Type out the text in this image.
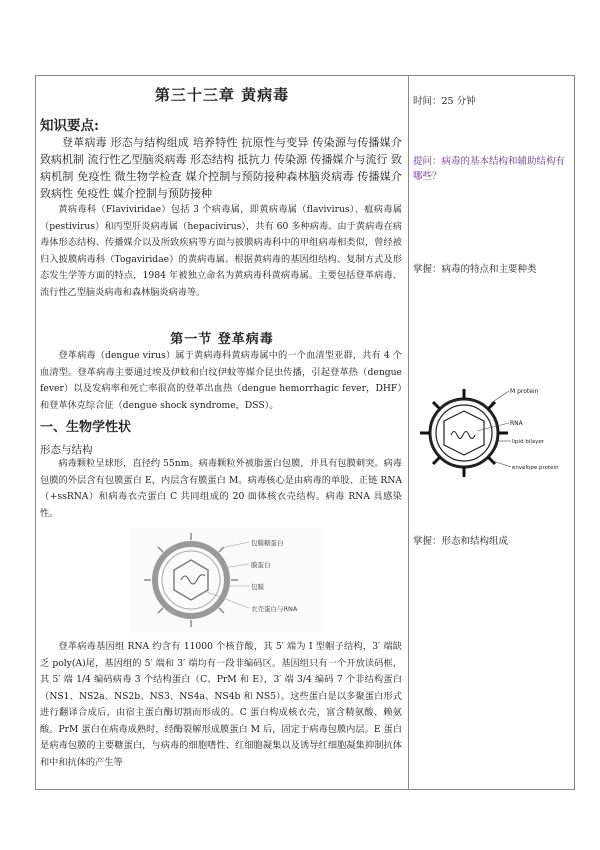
第三十三章 黄病毒
知识要点:

登革病毒 形态与结构组成 培养特性 抗原性与变异 传染源与传播媒介 致病机制 流行性乙型脑炎病毒 形态结构 抵抗力 传染源 传播媒介与流行 致病机制 免疫性 微生物学检查 媒介控制与预防接种森林脑炎病毒 传播媒介 致病性 免疫性 媒介控制与预防接种

黄病毒科（Flaviviridae）包括 3 个病毒属，即黄病毒属（flavivirus）、瘟病毒属（pestivirus）和丙型肝炎病毒属（hepacivirus），共有 60 多种病毒。由于黄病毒在病毒体形态结构、传播媒介以及所致疾病等方面与披膜病毒科中的甲组病毒相类似，曾经被归入披膜病毒科（Togaviridae）的黄病毒属。根据黄病毒的基因组结构、复制方式及形态发生学等方面的特点，1984 年被独立命名为黄病毒科黄病毒属。主要包括登革病毒、流行性乙型脑炎病毒和森林脑炎病毒等。

第一节 登革病毒

登革病毒（dengue virus）属于黄病毒科黄病毒属中的一个血清型亚群，共有 4 个血清型。登革病毒主要通过埃及伊蚊和白纹伊蚊等媒介昆虫传播，引起登革热（dengue fever）以及发病率和死亡率很高的登革出血热（dengue hemorrhagic fever，DHF）和登革休克综合征（dengue shock syndrome，DSS）。

一、生物学性状
形态与结构

病毒颗粒呈球形，直径约 55nm。病毒颗粒外被脂蛋白包膜，并具有包膜刺突。病毒包膜的外层含有包膜蛋白 E，内层含有膜蛋白 M。病毒核心是由病毒的单股、正链 RNA（+ssRNA）和病毒衣壳蛋白 C 共同组成的 20 面体核衣壳结构。病毒 RNA 具感染性。

包膜糖蛋白
膜蛋白
包膜
衣壳蛋白与RNA

登革病毒基因组 RNA 约含有 11000 个核苷酸，其 5′ 端为 I 型帽子结构，3′ 端缺乏 poly(A)尾，基因组的 5′ 端和 3′ 端均有一段非编码区。基因组只有一个开放读码框，其 5′ 端 1/4 编码病毒 3 个结构蛋白（C、PrM 和 E），3′ 端 3/4 编码 7 个非结构蛋白（NS1、NS2a、NS2b、NS3、NS4a、NS4b 和 NS5）。这些蛋白是以多聚蛋白形式进行翻译合成后，由宿主蛋白酶切割而形成的。C 蛋白构成核衣壳，富含精氨酸、赖氨酸。PrM 蛋白在病毒成熟时，经酶裂解形成膜蛋白 M 后，固定于病毒包膜内层。E 蛋白是病毒包膜的主要糖蛋白，与病毒的细胞嗜性、红细胞凝集以及诱导红细胞凝集抑制抗体和中和抗体的产生等

时间：25 分钟
提问：病毒的基本结构和辅助结构有哪些？
掌握：病毒的特点和主要种类
M protein
RNA
lipid bilayer
envelope protein
掌握：形态和结构组成
